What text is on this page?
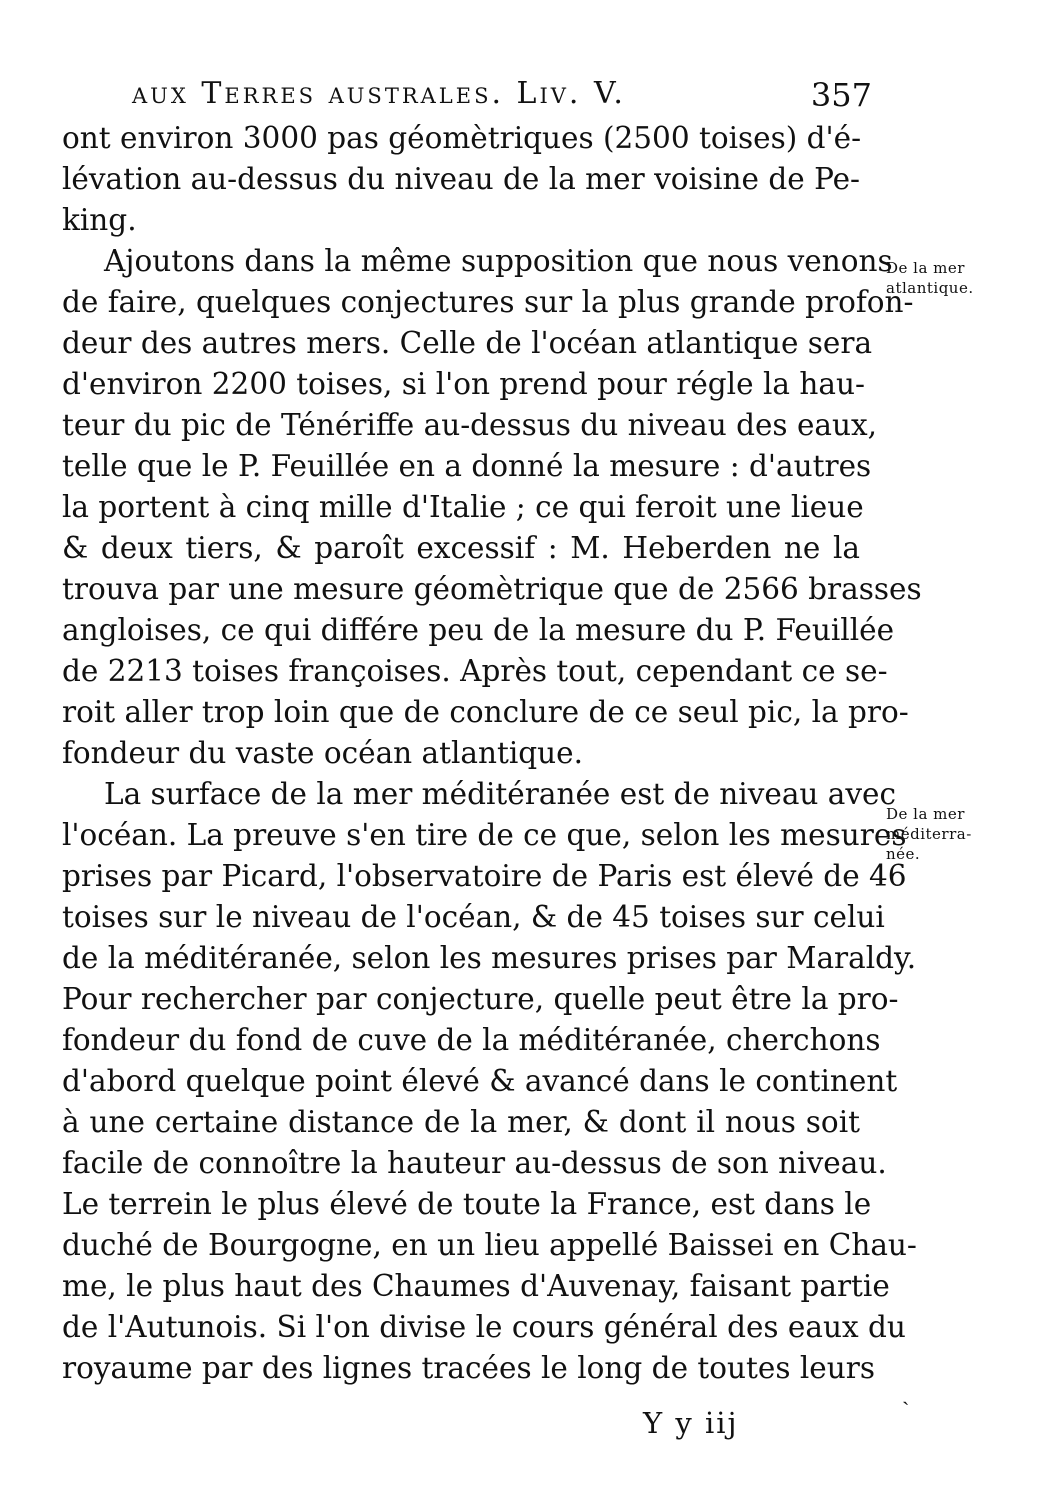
aux Terres australes. Liv. V.	357
ont environ 3000 pas géomètriques (2500 toises) d'é-
lévation au-dessus du niveau de la mer voisine de Pe-
king.
Ajoutons dans la même supposition que nous venons
de faire, quelques conjectures sur la plus grande profon-
deur des autres mers. Celle de l'océan atlantique sera
d'environ 2200 toises, si l'on prend pour régle la hau-
teur du pic de Ténériffe au-dessus du niveau des eaux,
telle que le P. Feuillée en a donné la mesure : d'autres
la portent à cinq mille d'Italie ; ce qui feroit une lieue
& deux tiers, & paroît excessif : M. Heberden ne la
trouva par une mesure géomètrique que de 2566 brasses
angloises, ce qui différe peu de la mesure du P. Feuillée
de 2213 toises françoises. Après tout, cependant ce se-
roit aller trop loin que de conclure de ce seul pic, la pro-
fondeur du vaste océan atlantique.
La surface de la mer méditéranée est de niveau avec
l'océan. La preuve s'en tire de ce que, selon les mesures
prises par Picard, l'observatoire de Paris est élevé de 46
toises sur le niveau de l'océan, & de 45 toises sur celui
de la méditéranée, selon les mesures prises par Maraldy.
Pour rechercher par conjecture, quelle peut être la pro-
fondeur du fond de cuve de la méditéranée, cherchons
d'abord quelque point élevé & avancé dans le continent
à une certaine distance de la mer, & dont il nous soit
facile de connoître la hauteur au-dessus de son niveau.
Le terrein le plus élevé de toute la France, est dans le
duché de Bourgogne, en un lieu appellé Baissei en Chau-
me, le plus haut des Chaumes d'Auvenay, faisant partie
de l'Autunois. Si l'on divise le cours général des eaux du
royaume par des lignes tracées le long de toutes leurs
De la mer
atlantique.
De la mer
méditerra-
née.
ˎ
Y y iij
